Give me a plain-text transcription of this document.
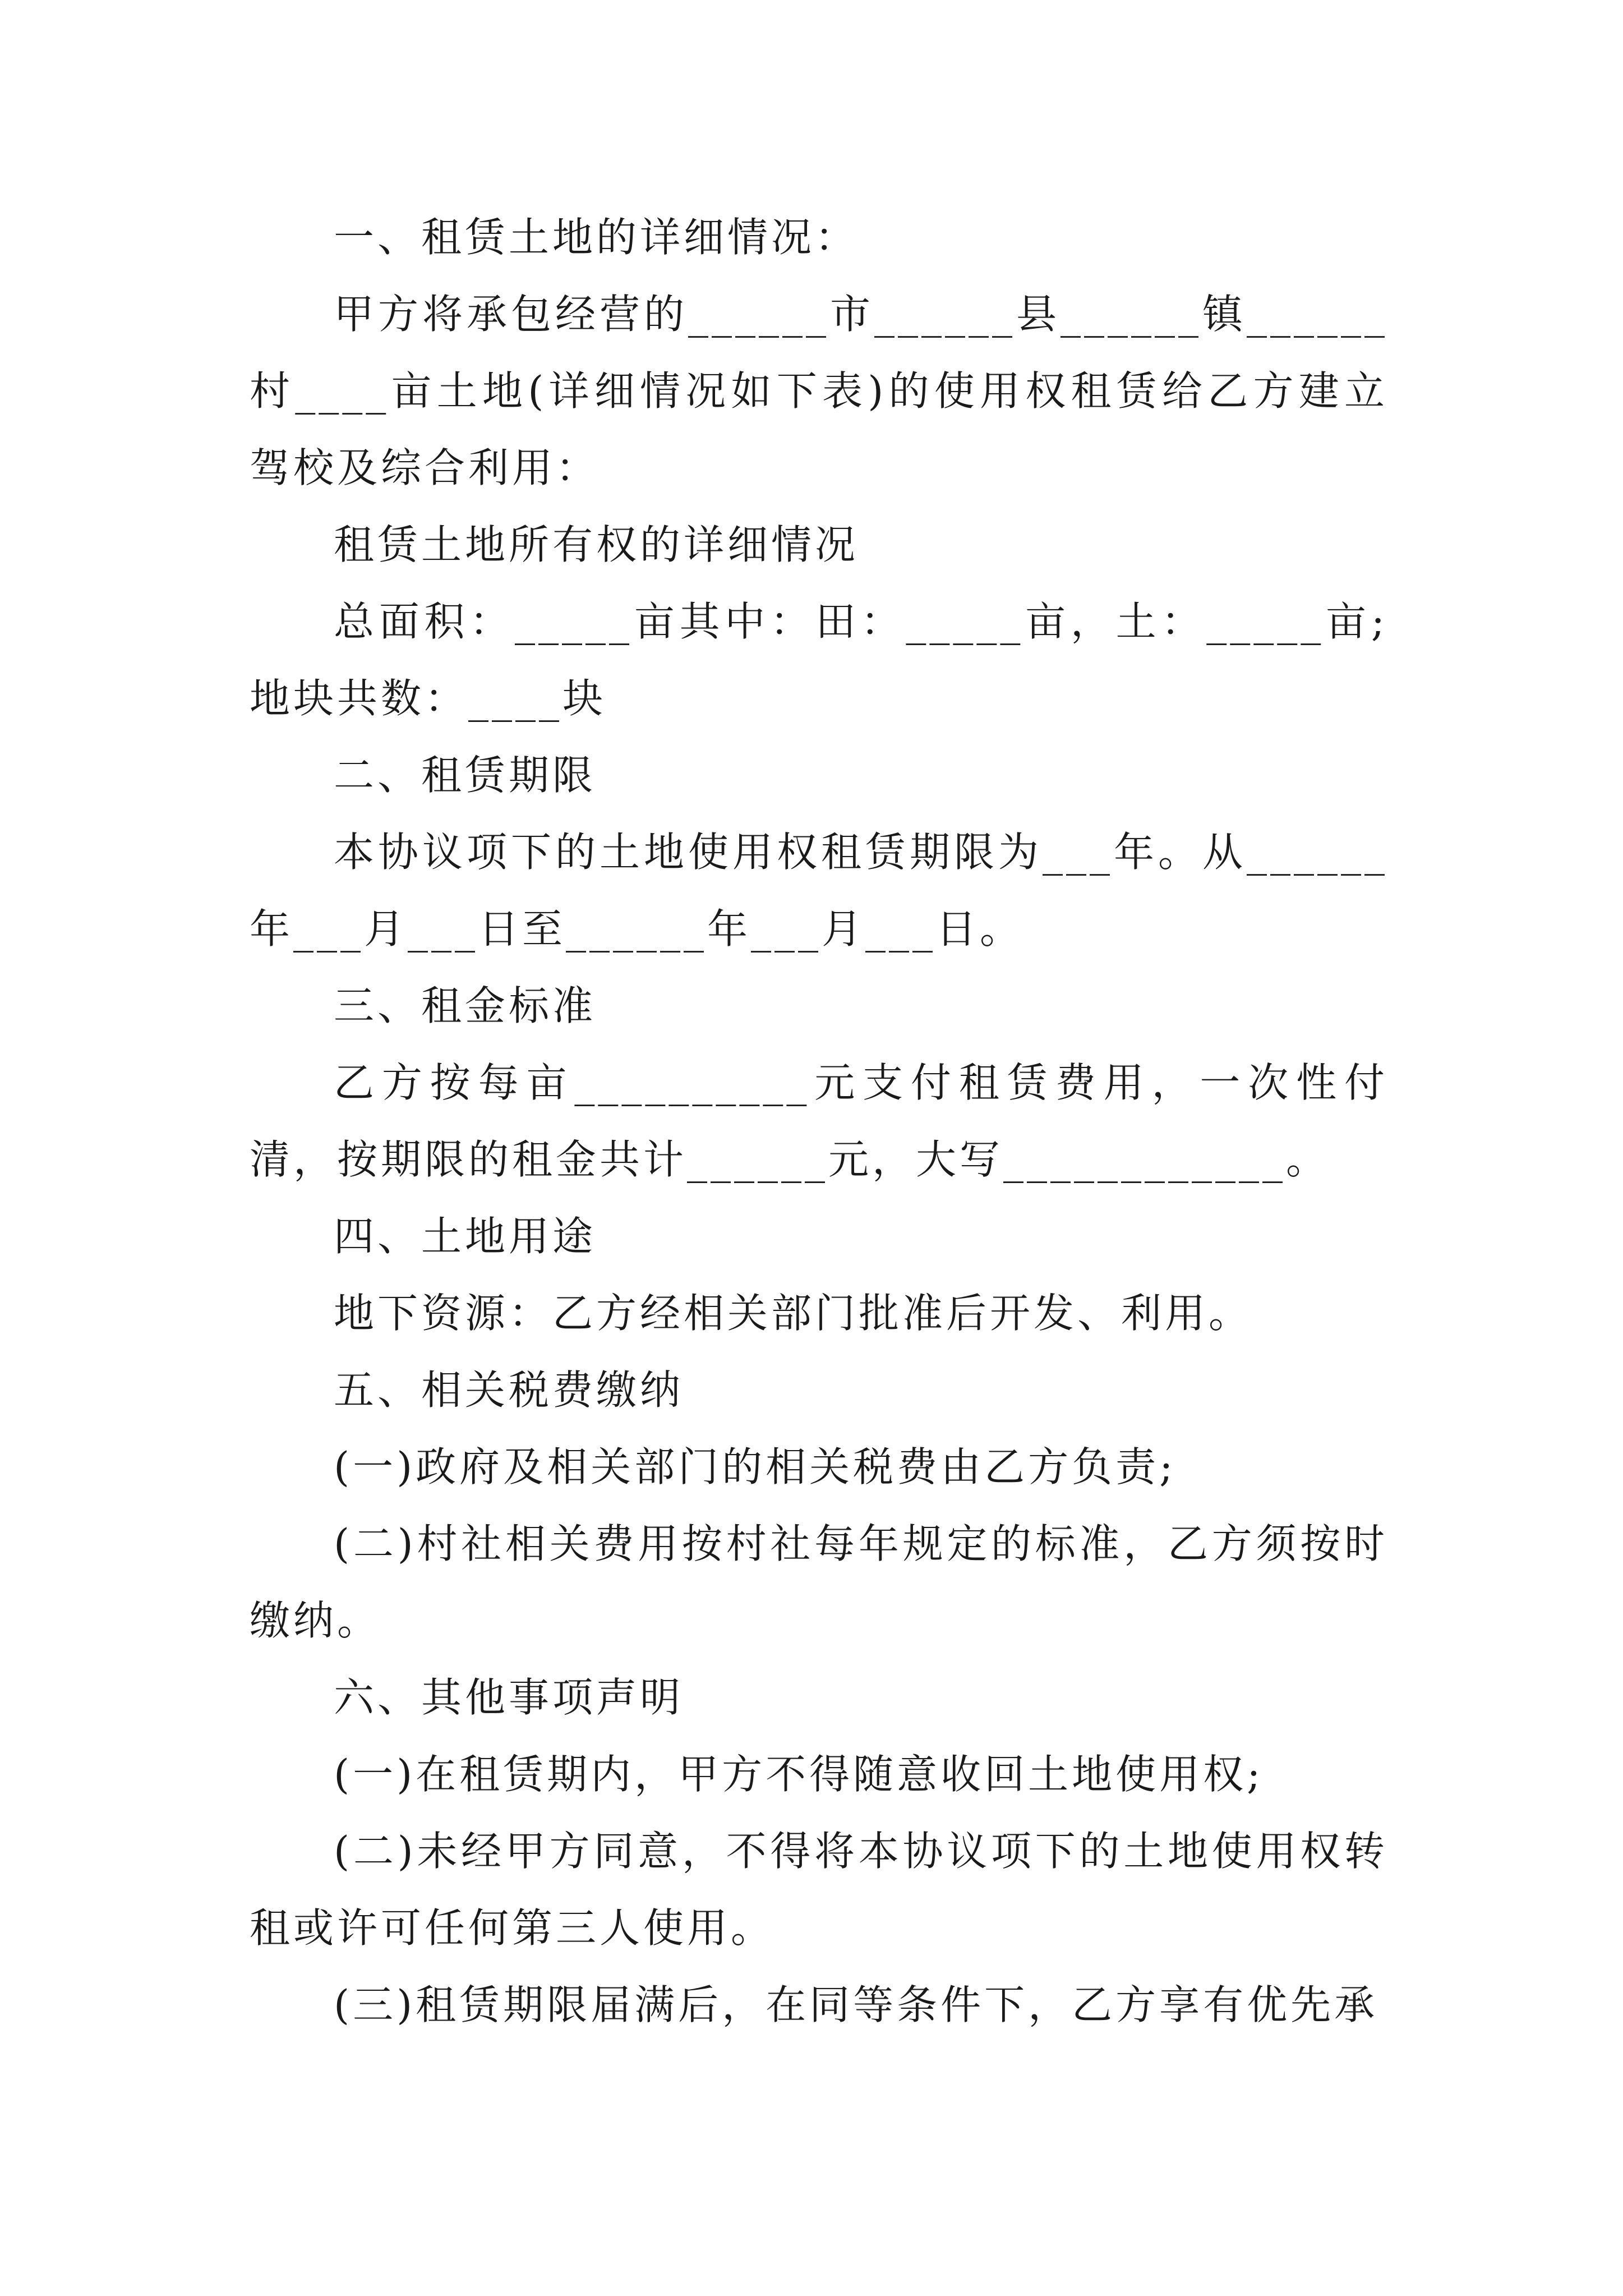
一、租赁土地的详细情况：

甲方将承包经营的______市______县______镇______村____亩土地(详细情况如下表)的使用权租赁给乙方建立驾校及综合利用：

租赁土地所有权的详细情况

总面积：_____亩其中：田：_____亩，土：_____亩;地块共数：____块

二、租赁期限

本协议项下的土地使用权租赁期限为___年。从______年___月___日至______年___月___日。

三、租金标准

乙方按每亩__________元支付租赁费用，一次性付清，按期限的租金共计______元，大写____________。

四、土地用途

地下资源：乙方经相关部门批准后开发、利用。

五、相关税费缴纳

(一)政府及相关部门的相关税费由乙方负责;

(二)村社相关费用按村社每年规定的标准，乙方须按时缴纳。

六、其他事项声明

(一)在租赁期内，甲方不得随意收回土地使用权;

(二)未经甲方同意，不得将本协议项下的土地使用权转租或许可任何第三人使用。

(三)租赁期限届满后，在同等条件下，乙方享有优先承
